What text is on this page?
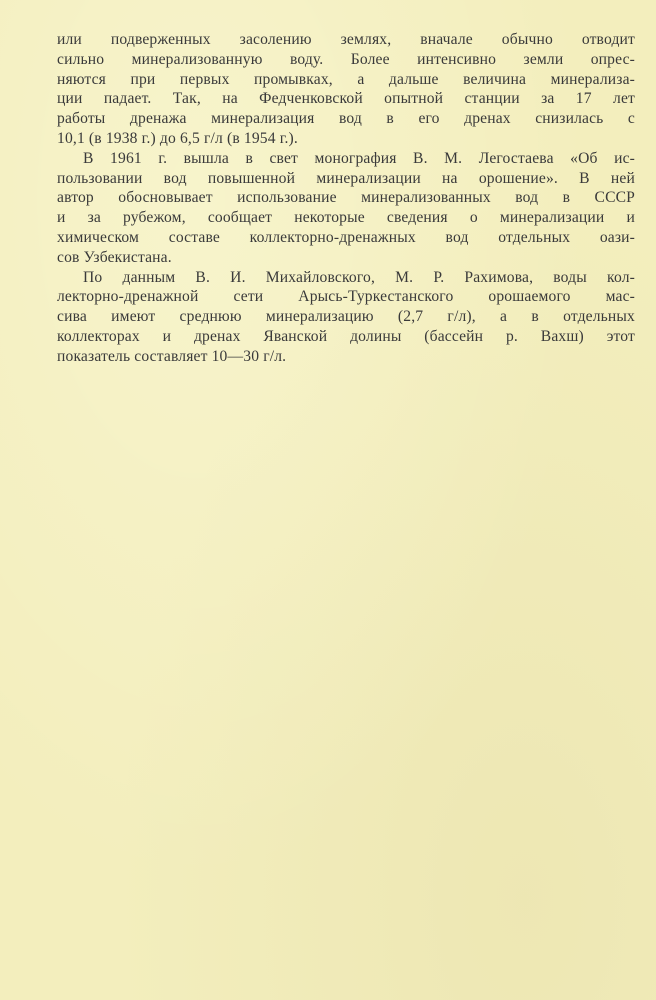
или подверженных засолению землях, вначале обычно отводит
сильно минерализованную воду. Более интенсивно земли опрес-
няются при первых промывках, а дальше величина минерализа-
ции падает. Так, на Федченковской опытной станции за 17 лет
работы дренажа минерализация вод в его дренах снизилась с
10,1 (в 1938 г.) до 6,5 г/л (в 1954 г.).

В 1961 г. вышла в свет монография В. М. Легостаева «Об ис-
пользовании вод повышенной минерализации на орошение». В ней
автор обосновывает использование минерализованных вод в СССР
и за рубежом, сообщает некоторые сведения о минерализации и
химическом составе коллекторно-дренажных вод отдельных оази-
сов Узбекистана.

По данным В. И. Михайловского, М. Р. Рахимова, воды кол-
лекторно-дренажной сети Арысь-Туркестанского орошаемого мас-
сива имеют среднюю минерализацию (2,7 г/л), а в отдельных
коллекторах и дренах Яванской долины (бассейн р. Вахш) этот
показатель составляет 10—30 г/л.
